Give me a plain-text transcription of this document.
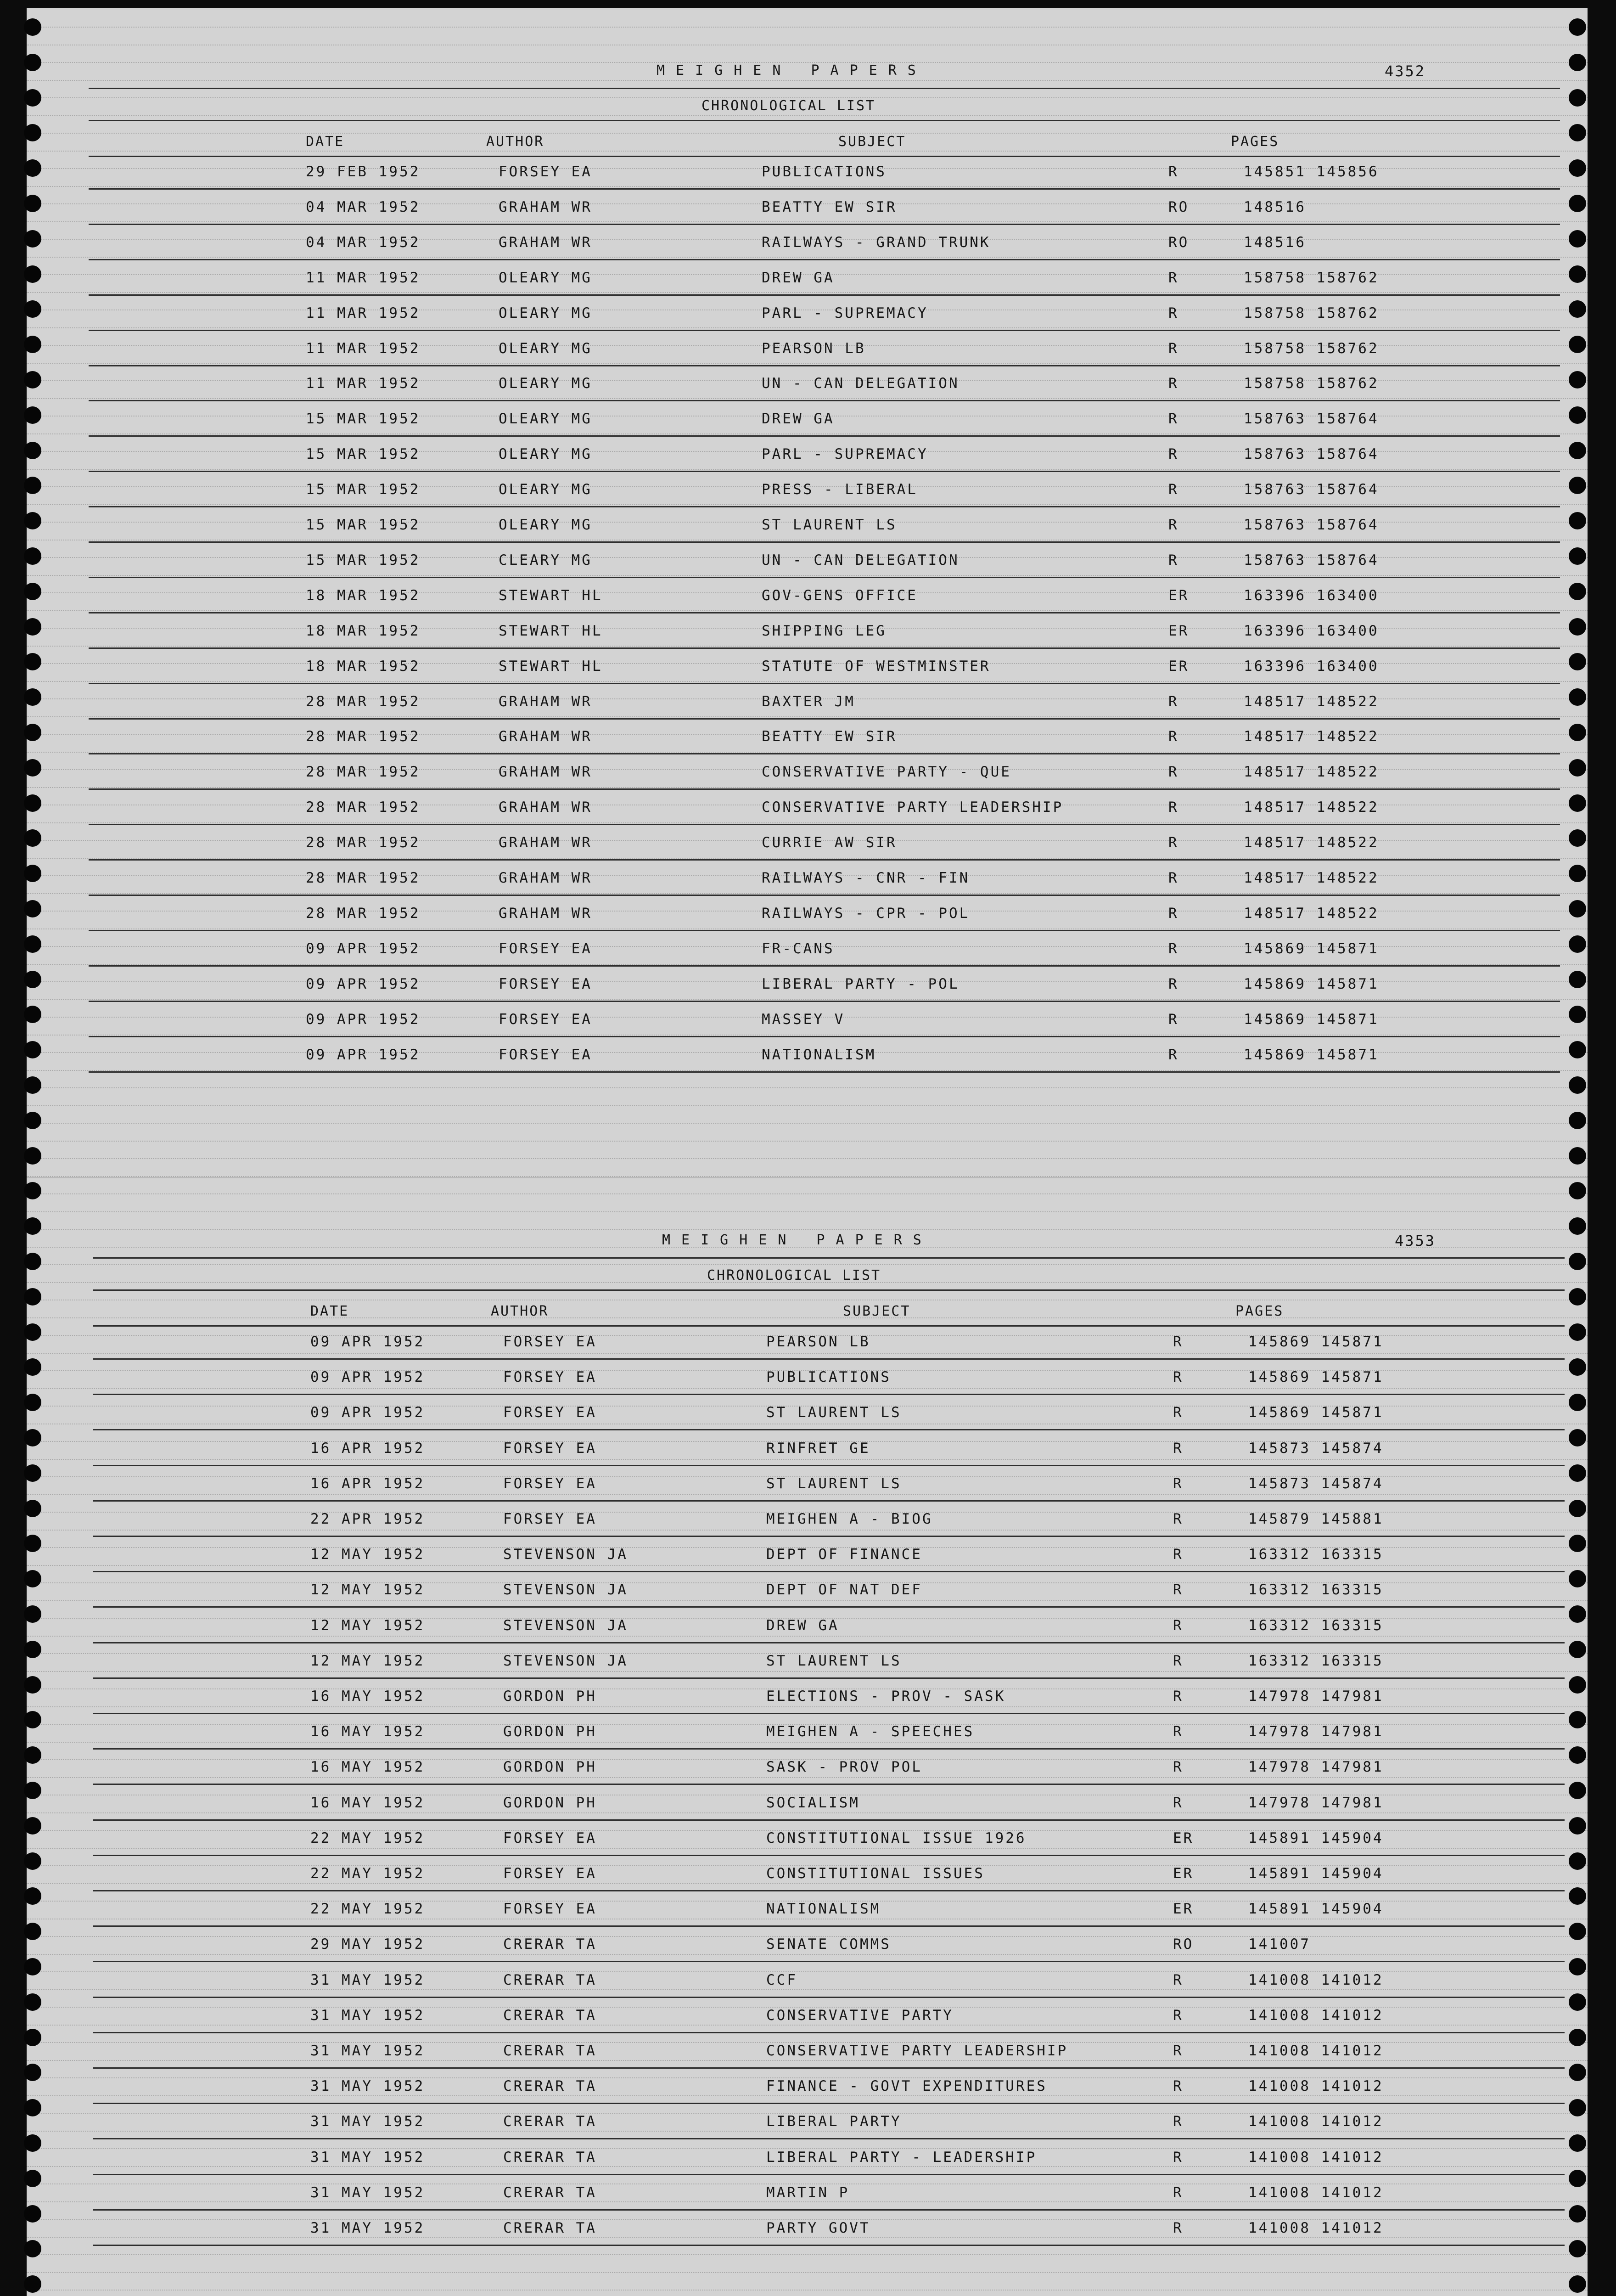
MEIGHEN PAPERS	4352
CHRONOLOGICAL LIST
DATE	AUTHOR	SUBJECT	PAGES
29 FEB 1952	FORSEY EA	PUBLICATIONS	R	145851 145856
04 MAR 1952	GRAHAM WR	BEATTY EW SIR	RO	148516
04 MAR 1952	GRAHAM WR	RAILWAYS - GRAND TRUNK	RO	148516
11 MAR 1952	OLEARY MG	DREW GA	R	158758 158762
11 MAR 1952	OLEARY MG	PARL - SUPREMACY	R	158758 158762
11 MAR 1952	OLEARY MG	PEARSON LB	R	158758 158762
11 MAR 1952	OLEARY MG	UN - CAN DELEGATION	R	158758 158762
15 MAR 1952	OLEARY MG	DREW GA	R	158763 158764
15 MAR 1952	OLEARY MG	PARL - SUPREMACY	R	158763 158764
15 MAR 1952	OLEARY MG	PRESS - LIBERAL	R	158763 158764
15 MAR 1952	OLEARY MG	ST LAURENT LS	R	158763 158764
15 MAR 1952	CLEARY MG	UN - CAN DELEGATION	R	158763 158764
18 MAR 1952	STEWART HL	GOV-GENS OFFICE	ER	163396 163400
18 MAR 1952	STEWART HL	SHIPPING LEG	ER	163396 163400
18 MAR 1952	STEWART HL	STATUTE OF WESTMINSTER	ER	163396 163400
28 MAR 1952	GRAHAM WR	BAXTER JM	R	148517 148522
28 MAR 1952	GRAHAM WR	BEATTY EW SIR	R	148517 148522
28 MAR 1952	GRAHAM WR	CONSERVATIVE PARTY - QUE	R	148517 148522
28 MAR 1952	GRAHAM WR	CONSERVATIVE PARTY LEADERSHIP	R	148517 148522
28 MAR 1952	GRAHAM WR	CURRIE AW SIR	R	148517 148522
28 MAR 1952	GRAHAM WR	RAILWAYS - CNR - FIN	R	148517 148522
28 MAR 1952	GRAHAM WR	RAILWAYS - CPR - POL	R	148517 148522
09 APR 1952	FORSEY EA	FR-CANS	R	145869 145871
09 APR 1952	FORSEY EA	LIBERAL PARTY - POL	R	145869 145871
09 APR 1952	FORSEY EA	MASSEY V	R	145869 145871
09 APR 1952	FORSEY EA	NATIONALISM	R	145869 145871
MEIGHEN PAPERS	4353
CHRONOLOGICAL LIST
DATE	AUTHOR	SUBJECT	PAGES
09 APR 1952	FORSEY EA	PEARSON LB	R	145869 145871
09 APR 1952	FORSEY EA	PUBLICATIONS	R	145869 145871
09 APR 1952	FORSEY EA	ST LAURENT LS	R	145869 145871
16 APR 1952	FORSEY EA	RINFRET GE	R	145873 145874
16 APR 1952	FORSEY EA	ST LAURENT LS	R	145873 145874
22 APR 1952	FORSEY EA	MEIGHEN A - BIOG	R	145879 145881
12 MAY 1952	STEVENSON JA	DEPT OF FINANCE	R	163312 163315
12 MAY 1952	STEVENSON JA	DEPT OF NAT DEF	R	163312 163315
12 MAY 1952	STEVENSON JA	DREW GA	R	163312 163315
12 MAY 1952	STEVENSON JA	ST LAURENT LS	R	163312 163315
16 MAY 1952	GORDON PH	ELECTIONS - PROV - SASK	R	147978 147981
16 MAY 1952	GORDON PH	MEIGHEN A - SPEECHES	R	147978 147981
16 MAY 1952	GORDON PH	SASK - PROV POL	R	147978 147981
16 MAY 1952	GORDON PH	SOCIALISM	R	147978 147981
22 MAY 1952	FORSEY EA	CONSTITUTIONAL ISSUE 1926	ER	145891 145904
22 MAY 1952	FORSEY EA	CONSTITUTIONAL ISSUES	ER	145891 145904
22 MAY 1952	FORSEY EA	NATIONALISM	ER	145891 145904
29 MAY 1952	CRERAR TA	SENATE COMMS	RO	141007
31 MAY 1952	CRERAR TA	CCF	R	141008 141012
31 MAY 1952	CRERAR TA	CONSERVATIVE PARTY	R	141008 141012
31 MAY 1952	CRERAR TA	CONSERVATIVE PARTY LEADERSHIP	R	141008 141012
31 MAY 1952	CRERAR TA	FINANCE - GOVT EXPENDITURES	R	141008 141012
31 MAY 1952	CRERAR TA	LIBERAL PARTY	R	141008 141012
31 MAY 1952	CRERAR TA	LIBERAL PARTY - LEADERSHIP	R	141008 141012
31 MAY 1952	CRERAR TA	MARTIN P	R	141008 141012
31 MAY 1952	CRERAR TA	PARTY GOVT	R	141008 141012
